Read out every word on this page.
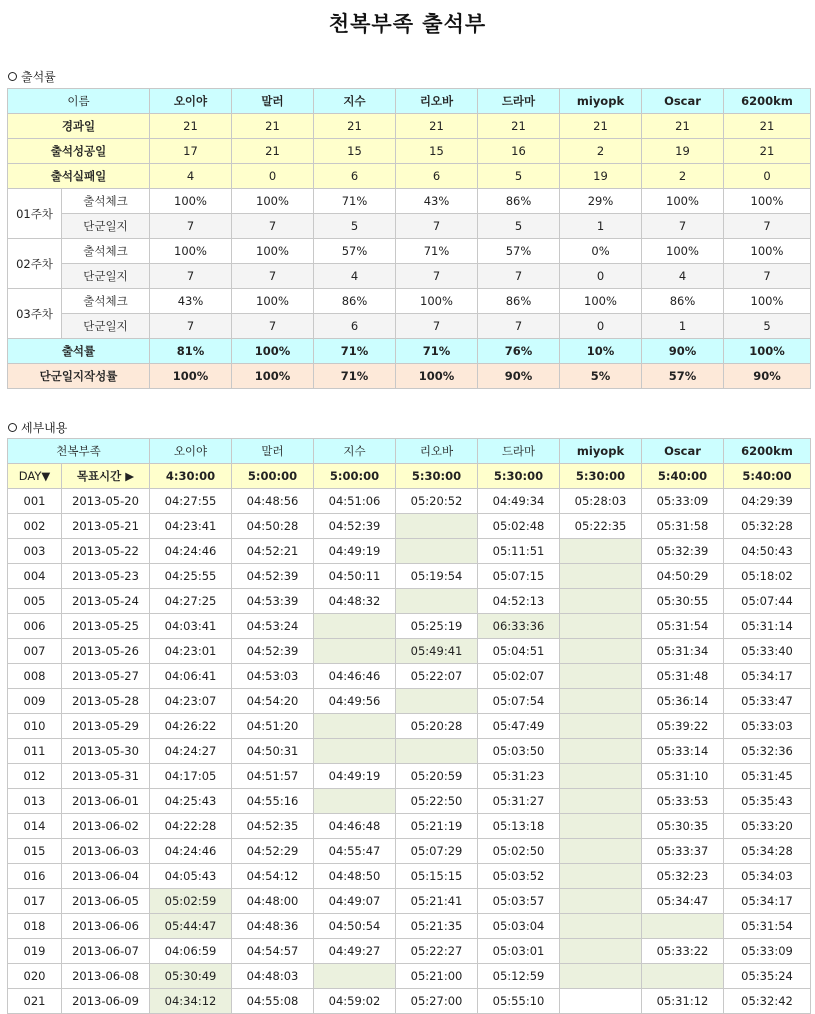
천복부족 출석부
출석률
이름		오이야	말러	지수	리오바	드라마	miyopk	Oscar	6200km
경과일		21	21	21	21	21	21	21	21
출석성공일		17	21	15	15	16	2	19	21
출석실패일		4	0	6	6	5	19	2	0
01주차	출석체크	100%	100%	71%	43%	86%	29%	100%	100%
	단군일지	7	7	5	7	5	1	7	7
02주차	출석체크	100%	100%	57%	71%	57%	0%	100%	100%
	단군일지	7	7	4	7	7	0	4	7
03주차	출석체크	43%	100%	86%	100%	86%	100%	86%	100%
	단군일지	7	7	6	7	7	0	1	5
출석률		81%	100%	71%	71%	76%	10%	90%	100%
단군일지작성률		100%	100%	71%	100%	90%	5%	57%	90%
세부내용
천복부족		오이야	말러	지수	리오바	드라마	miyopk	Oscar	6200km
DAY▼	목표시간 ▶	4:30:00	5:00:00	5:00:00	5:30:00	5:30:00	5:30:00	5:40:00	5:40:00
001	2013-05-20	04:27:55	04:48:56	04:51:06	05:20:52	04:49:34	05:28:03	05:33:09	04:29:39
002	2013-05-21	04:23:41	04:50:28	04:52:39		05:02:48	05:22:35	05:31:58	05:32:28
003	2013-05-22	04:24:46	04:52:21	04:49:19		05:11:51		05:32:39	04:50:43
004	2013-05-23	04:25:55	04:52:39	04:50:11	05:19:54	05:07:15		04:50:29	05:18:02
005	2013-05-24	04:27:25	04:53:39	04:48:32		04:52:13		05:30:55	05:07:44
006	2013-05-25	04:03:41	04:53:24		05:25:19	06:33:36		05:31:54	05:31:14
007	2013-05-26	04:23:01	04:52:39		05:49:41	05:04:51		05:31:34	05:33:40
008	2013-05-27	04:06:41	04:53:03	04:46:46	05:22:07	05:02:07		05:31:48	05:34:17
009	2013-05-28	04:23:07	04:54:20	04:49:56		05:07:54		05:36:14	05:33:47
010	2013-05-29	04:26:22	04:51:20		05:20:28	05:47:49		05:39:22	05:33:03
011	2013-05-30	04:24:27	04:50:31			05:03:50		05:33:14	05:32:36
012	2013-05-31	04:17:05	04:51:57	04:49:19	05:20:59	05:31:23		05:31:10	05:31:45
013	2013-06-01	04:25:43	04:55:16		05:22:50	05:31:27		05:33:53	05:35:43
014	2013-06-02	04:22:28	04:52:35	04:46:48	05:21:19	05:13:18		05:30:35	05:33:20
015	2013-06-03	04:24:46	04:52:29	04:55:47	05:07:29	05:02:50		05:33:37	05:34:28
016	2013-06-04	04:05:43	04:54:12	04:48:50	05:15:15	05:03:52		05:32:23	05:34:03
017	2013-06-05	05:02:59	04:48:00	04:49:07	05:21:41	05:03:57		05:34:47	05:34:17
018	2013-06-06	05:44:47	04:48:36	04:50:54	05:21:35	05:03:04			05:31:54
019	2013-06-07	04:06:59	04:54:57	04:49:27	05:22:27	05:03:01		05:33:22	05:33:09
020	2013-06-08	05:30:49	04:48:03		05:21:00	05:12:59			05:35:24
021	2013-06-09	04:34:12	04:55:08	04:59:02	05:27:00	05:55:10		05:31:12	05:32:42
